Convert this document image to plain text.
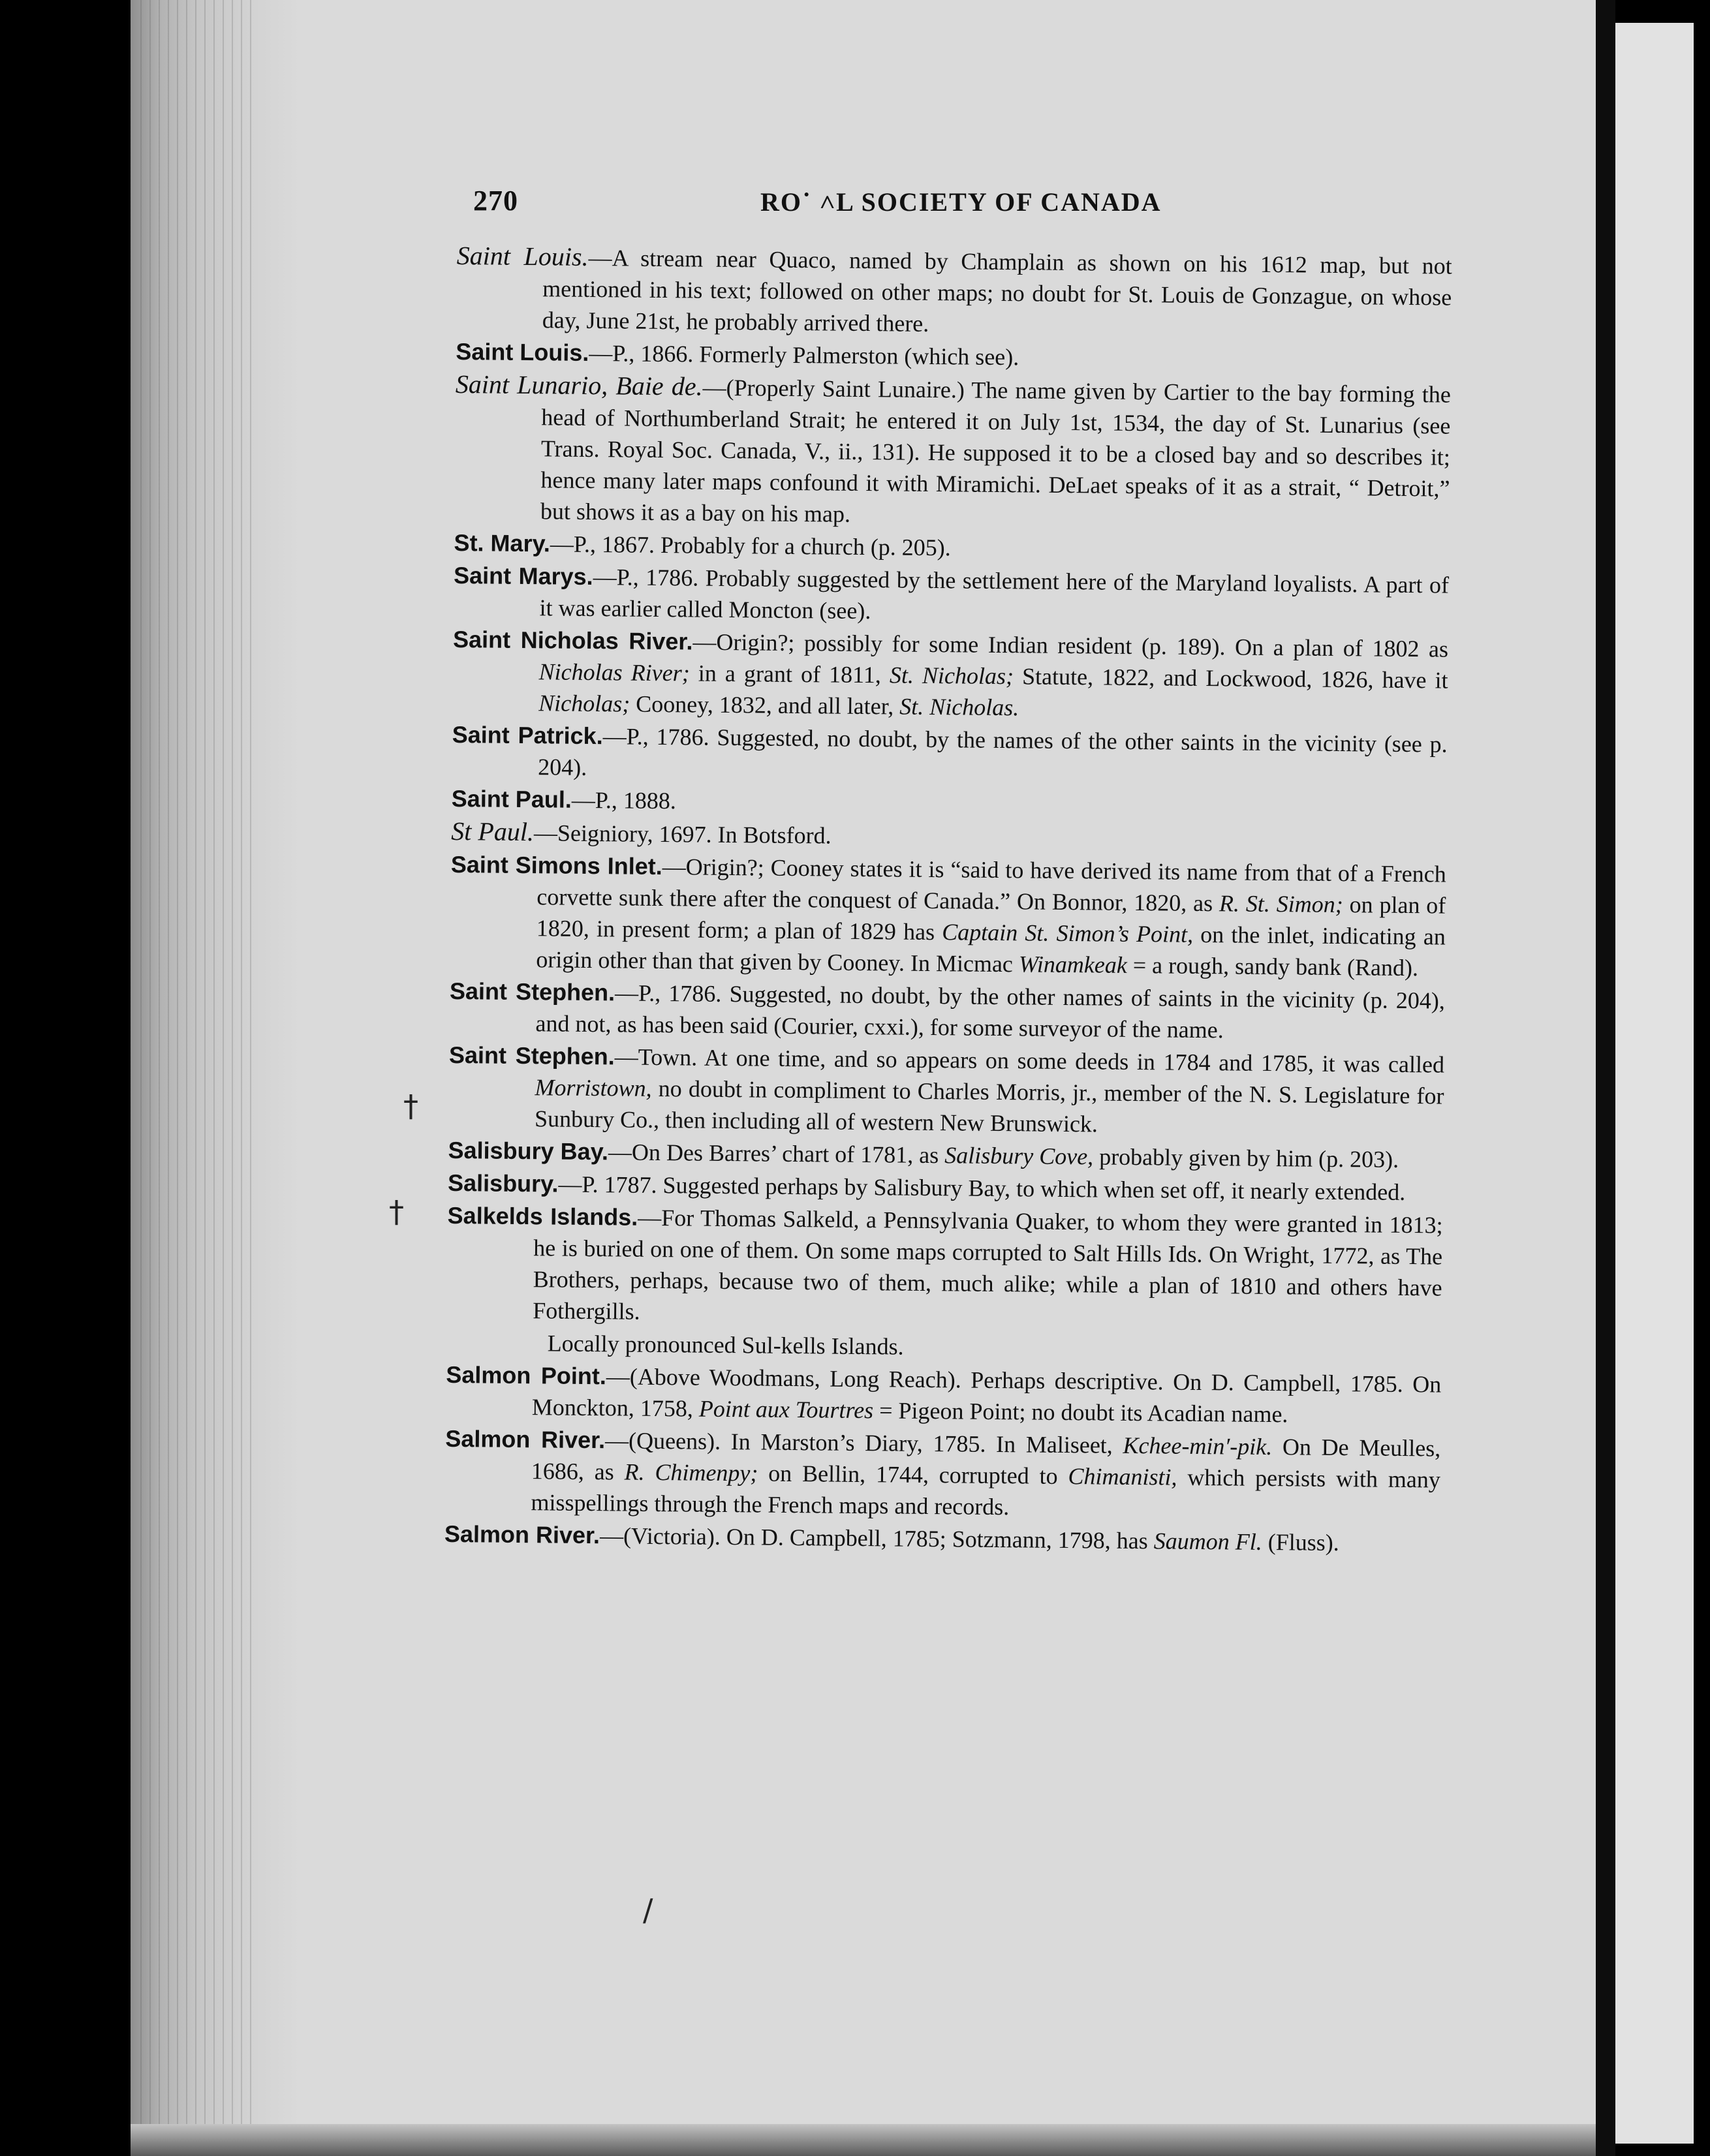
270	RO˙ ˄L SOCIETY OF CANADA
†
†
/
Saint Louis.—A stream near Quaco, named by Champlain as shown on his 1612 map, but not mentioned in his text; followed on other maps; no doubt for St. Louis de Gonzague, on whose day, June 21st, he probably arrived there.
Saint Louis.—P., 1866. Formerly Palmerston (which see).
Saint Lunario, Baie de.—(Properly Saint Lunaire.) The name given by Cartier to the bay forming the head of Northumberland Strait; he entered it on July 1st, 1534, the day of St. Lunarius (see Trans. Royal Soc. Canada, V., ii., 131). He supposed it to be a closed bay and so describes it; hence many later maps confound it with Miramichi. DeLaet speaks of it as a strait, “ Detroit,” but shows it as a bay on his map.
St. Mary.—P., 1867. Probably for a church (p. 205).
Saint Marys.—P., 1786. Probably suggested by the settlement here of the Maryland loyalists. A part of it was earlier called Moncton (see).
Saint Nicholas River.—Origin?; possibly for some Indian resident (p. 189). On a plan of 1802 as Nicholas River; in a grant of 1811, St. Nicholas; Statute, 1822, and Lockwood, 1826, have it Nicholas; Cooney, 1832, and all later, St. Nicholas.
Saint Patrick.—P., 1786. Suggested, no doubt, by the names of the other saints in the vicinity (see p. 204).
Saint Paul.—P., 1888.
St Paul.—Seigniory, 1697. In Botsford.
Saint Simons Inlet.—Origin?; Cooney states it is “said to have derived its name from that of a French corvette sunk there after the conquest of Canada.” On Bonnor, 1820, as R. St. Simon; on plan of 1820, in present form; a plan of 1829 has Captain St. Simon’s Point, on the inlet, indicating an origin other than that given by Cooney. In Micmac Winamkeak = a rough, sandy bank (Rand).
Saint Stephen.—P., 1786. Suggested, no doubt, by the other names of saints in the vicinity (p. 204), and not, as has been said (Courier, cxxi.), for some surveyor of the name.
Saint Stephen.—Town. At one time, and so appears on some deeds in 1784 and 1785, it was called Morristown, no doubt in compliment to Charles Morris, jr., member of the N. S. Legislature for Sunbury Co., then including all of western New Brunswick.
Salisbury Bay.—On Des Barres’ chart of 1781, as Salisbury Cove, probably given by him (p. 203).
Salisbury.—P. 1787. Suggested perhaps by Salisbury Bay, to which when set off, it nearly extended.
Salkelds Islands.—For Thomas Salkeld, a Pennsylvania Quaker, to whom they were granted in 1813; he is buried on one of them. On some maps corrupted to Salt Hills Ids. On Wright, 1772, as The Brothers, perhaps, because two of them, much alike; while a plan of 1810 and others have Fothergills.
Locally pronounced Sul-kells Islands.
Salmon Point.—(Above Woodmans, Long Reach). Perhaps descriptive. On D. Campbell, 1785. On Monckton, 1758, Point aux Tourtres = Pigeon Point; no doubt its Acadian name.
Salmon River.—(Queens). In Marston’s Diary, 1785. In Maliseet, Kchee-min′-pik. On De Meulles, 1686, as R. Chimenpy; on Bellin, 1744, corrupted to Chimanisti, which persists with many misspellings through the French maps and records.
Salmon River.—(Victoria). On D. Campbell, 1785; Sotzmann, 1798, has Saumon Fl. (Fluss).
